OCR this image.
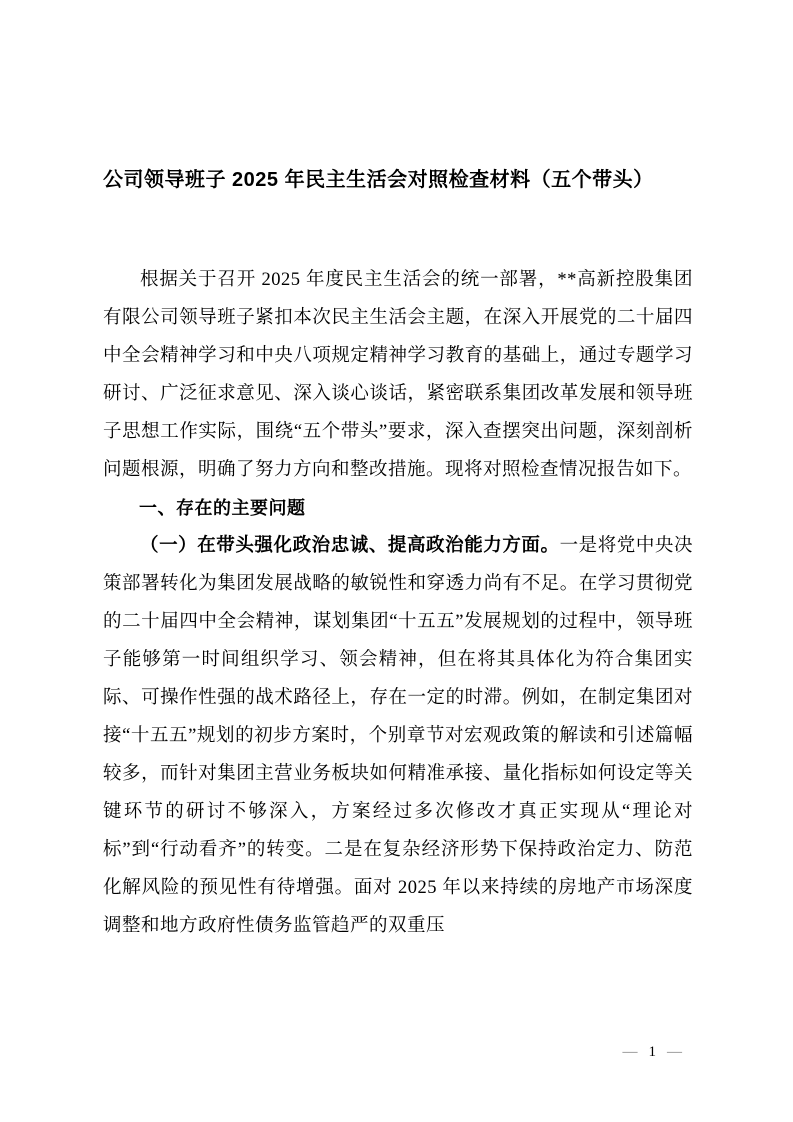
公司领导班子 2025 年民主生活会对照检查材料（五个带头）

根据关于召开 2025 年度民主生活会的统一部署，**高新控股集团有限公司领导班子紧扣本次民主生活会主题，在深入开展党的二十届四中全会精神学习和中央八项规定精神学习教育的基础上，通过专题学习研讨、广泛征求意见、深入谈心谈话，紧密联系集团改革发展和领导班子思想工作实际，围绕“五个带头”要求，深入查摆突出问题，深刻剖析问题根源，明确了努力方向和整改措施。现将对照检查情况报告如下。

一、存在的主要问题

（一）在带头强化政治忠诚、提高政治能力方面。一是将党中央决策部署转化为集团发展战略的敏锐性和穿透力尚有不足。在学习贯彻党的二十届四中全会精神，谋划集团“十五五”发展规划的过程中，领导班子能够第一时间组织学习、领会精神，但在将其具体化为符合集团实际、可操作性强的战术路径上，存在一定的时滞。例如，在制定集团对接“十五五”规划的初步方案时，个别章节对宏观政策的解读和引述篇幅较多，而针对集团主营业务板块如何精准承接、量化指标如何设定等关键环节的研讨不够深入，方案经过多次修改才真正实现从“理论对标”到“行动看齐”的转变。二是在复杂经济形势下保持政治定力、防范化解风险的预见性有待增强。面对 2025 年以来持续的房地产市场深度调整和地方政府性债务监管趋严的双重压

— 1 —
